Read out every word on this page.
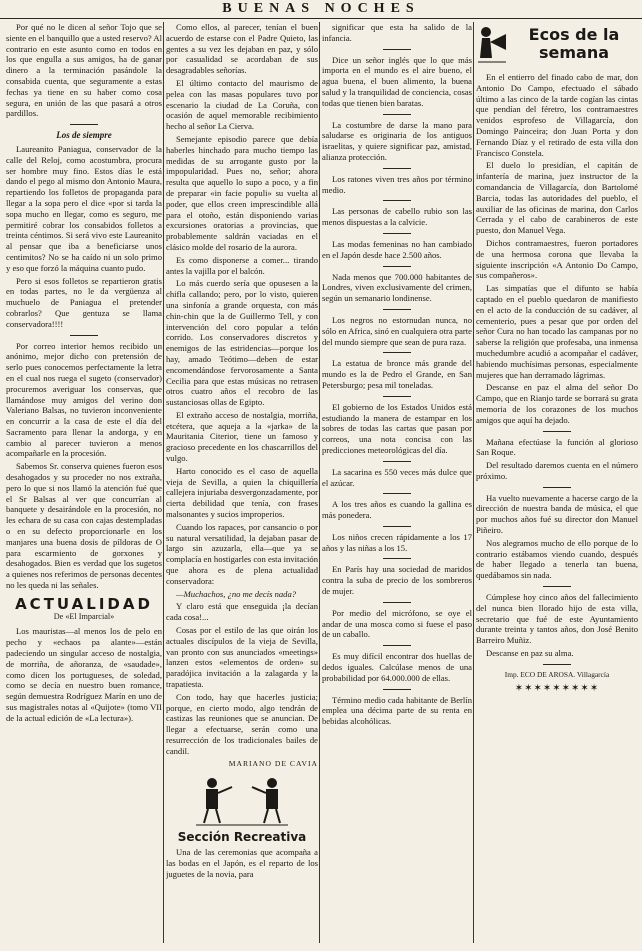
BUENAS NOCHES

Por qué no le dicen al señor Tojo que se siente en el banquillo que a usted reservo? Al contrario en este asunto como en todos en los que engulla a sus amigos, ha de ganar dinero a la terminación pasándole la consabida cuenta, que seguramente a estas fechas ya tiene en su haber como cosa segura, en unión de las que pasará a otros pardillos.

Los de siempre

Laureanito Paniagua, conservador de la calle del Reloj, como acostumbra, procura ser hombre muy fino. Estos días le está dando el pego al mismo don Antonio Maura, repartiendo los folletos de propaganda para llegar a la sopa pero el dice «por si tarda la sopa mucho en llegar, como es seguro, me permitiré cobrar los consabidos folletos a treinta céntimos. Si será vivo este Laureanito al pensar que iba a beneficiarse unos centimitos? No se ha caído ni un solo primo y eso que forzó la máquina cuanto pudo.

Pero si esos folletos se repartieron gratis en todas partes, no le da vergüenza al muchuelo de Paniagua el pretender cobrarlos? Que gentuza se llama conservadora!!!!

Por correo interior hemos recibido un anónimo, mejor dicho con pretensión de serlo pues conocemos perfectamente la letra en el cual nos ruega el sugeto (conservador) procuremos averiguar los conservas, que llamándose muy amigos del verino don Valeriano Balsas, no tuvieron inconveniente en concurrir a la casa de este el día del Sacramento para llenar la andorga, y en cambio al parecer tuvieron a menos acompañarle en la procesión.

Sabemos Sr. conserva quienes fueron esos desahogados y su proceder no nos extraña, pero lo que si nos llamó la atención fué que el Sr Balsas al ver que concurrían al banquete y desairándole en la procesión, no les echara de su casa con cajas destempladas o en su defecto proporcionarle en los manjares una buena dosis de píldoras de O para escarmiento de gorxones y desahogados. Bien es verdad que los sugetos a quienes nos referimos de personas decentes no les queda ni las señales.

ACTUALIDAD
De «El Imparcial»

Los mauristas—al menos los de pelo en pecho y «echaos pa alante»—están padeciendo un singular acceso de nostalgia, de morriña, de añoranza, de «saudade», como dicen los portugueses, de soledad, como se decía en nuestro buen romance, según demuestra Rodríguez Marín en uno de sus magistrales notas al «Quijote» (tomo VII de la actual edición de «La lectura»).

Como ellos, al parecer, tenían el buen acuerdo de estarse con el Padre Quieto, las gentes a su vez les dejaban en paz, y sólo por casualidad se acordaban de sus desagradables señorías.

El último contacto del maurismo de pelea con las masas populares tuvo por escenario la ciudad de La Coruña, con ocasión de aquel memorable recibimiento hecho al señor La Cierva.

Semejante episodio parece que debía haberles hinchado para mucho tiempo las medidas de su arrogante gusto por la impopularidad. Pues no, señor; ahora resulta que aquello lo supo a poco, y a fin de preparar «in facie populi» su vuelta al poder, que ellos creen imprescindible allá para el otoño, están disponiendo varias excursiones oratorias a provincias, que probablemente saldrán vaciadas en el clásico molde del rosario de la aurora.

Es como disponerse a comer... tirando antes la vajilla por el balcón.

Lo más cuerdo sería que opusesen a la chifla callando; pero, por lo visto, quieren una sinfonía a grande orquesta, con más chin-chin que la de Guillermo Tell, y con intervención del coro popular a telón corrido. Los conservadores discretos y enemigos de las estridencias—porque los hay, amado Teótimo—deben de estar encomendándose fervorosamente a Santa Cecilia para que estas músicas no retrasen otros cuatro años el recobro de las sustanciosas ollas de Egipto.

El extraño acceso de nostalgia, morriña, etcétera, que aqueja a la «jarka» de la Mauritania Citerior, tiene un famoso y gracioso precedente en los chascarrillos del vulgo.

Harto conocido es el caso de aquella vieja de Sevilla, a quien la chiquillería callejera injuriaba desvergonzadamente, por cierta debilidad que tenía, con frases malsonantes y sucios improperios.

Cuando los rapaces, por cansancio o por su natural versatilidad, la dejaban pasar de largo sin azuzarla, ella—que ya se complacía en hostigarles con esta invitación que ahora es de plena actualidad conservadora:

—Muchachos, ¿no me decís nada?

Y claro está que enseguida ¡la decían cada cosa!...

Cosas por el estilo de las que oirán los actuales discípulos de la vieja de Sevilla, van pronto con sus anunciados «meetings» lanzen estos «elementos de orden» su paradójica invitación a la zalagarda y la trapatiesta.

Con todo, hay que hacerles justicia; porque, en cierto modo, algo tendrán de castizas las reuniones que se anuncian. De llegar a efectuarse, serán como una resurrección de los tradicionales bailes de candil.

MARIANO DE CAVIA
Sección Recreativa

Una de las ceremonias que acompaña a las bodas en el Japón, es el reparto de los juguetes de la novia, para

significar que esta ha salido de la infancia.

Dice un señor inglés que lo que más importa en el mundo es el aire bueno, el agua buena, el buen alimento, la buena salud y la tranquilidad de conciencia, cosas todas que tienen bien baratas.

La costumbre de darse la mano para saludarse es originaria de los antiguos israelitas, y quiere significar paz, amistad, alianza protección.

Los ratones viven tres años por término medio.

Las personas de cabello rubio son las menos dispuestas a la calvicie.

Las modas femeninas no han cambiado en el Japón desde hace 2.500 años.

Nada menos que 700.000 habitantes de Londres, viven exclusivamente del crimen, según un semanario londinense.

Los negros no estornudan nunca, no sólo en Africa, sinó en cualquiera otra parte del mundo siempre que sean de pura raza.

La estatua de bronce más grande del mundo es la de Pedro el Grande, en San Petersburgo; pesa mil toneladas.

El gobierno de los Estados Unidos está estudiando la manera de estampar en los sobres de todas las cartas que pasan por correos, una nota concisa con las predicciones meteorológicas del día.

La sacarina es 550 veces más dulce que el azúcar.

A los tres años es cuando la gallina es más ponedera.

Los niños crecen rápidamente a los 17 años y las niñas a los 15.

En París hay una sociedad de maridos contra la suba de precio de los sombreros de mujer.

Por medio del micrófono, se oye el andar de una mosca como si fuese el paso de un caballo.

Es muy difícil encontrar dos huellas de dedos iguales. Calcúlase menos de una probabilidad por 64.000.000 de ellas.

Término medio cada habitante de Berlín emplea una décima parte de su renta en bebidas alcohólicas.

Ecos de la
semana

En el entierro del finado cabo de mar, don Antonio Do Campo, efectuado el sábado último a las cinco de la tarde cogían las cintas que pendían del féretro, los contramaestres venidos esprofeso de Villagarcía, don Domingo Painceira; don Juan Porta y don Fernando Díaz y el retirado de esta villa don Francisco Constela.

El duelo lo presidían, el capitán de infantería de marina, juez instructor de la comandancia de Villagarcía, don Bartolomé Barcia, todas las autoridades del pueblo, el auxiliar de las oficinas de marina, don Carlos Cerrada y el cabo de carabineros de este puesto, don Manuel Vega.

Dichos contramaestres, fueron portadores de una hermosa corona que llevaba la siguiente inscripción «A Antonio Do Campo, sus compañeros».

Las simpatías que el difunto se había captado en el pueblo quedaron de manifiesto en el acto de la conducción de su cadáver, al cementerio, pues a pesar que por orden del señor Cura no han tocado las campanas por no saberse la religión que profesaba, una inmensa muchedumbre acudió a acompañar el cadáver, habiendo muchísimas personas, especialmente mujeres que han derramado lágrimas.

Descanse en paz el alma del señor Do Campo, que en Rianjo tarde se borrará su grata memoria de los corazones de los muchos amigos que aquí ha dejado.

Mañana efectúase la función al glorioso San Roque.

Del resultado daremos cuenta en el número próximo.

Ha vuelto nuevamente a hacerse cargo de la dirección de nuestra banda de música, el que por muchos años fué su director don Manuel Piñeiro.

Nos alegramos mucho de ello porque de lo contrario estábamos viendo cuando, después de haber llegado a tenerla tan buena, quedábamos sin nada.

Cúmplese hoy cinco años del fallecimiento del nunca bien llorado hijo de esta villa, secretario que fué de este Ayuntamiento durante treinta y tantos años, don José Benito Barreiro Muñiz.

Descanse en paz su alma.

Imp. ECO DE AROSA. Villagarcía
✶✶✶✶✶✶✶✶✶
